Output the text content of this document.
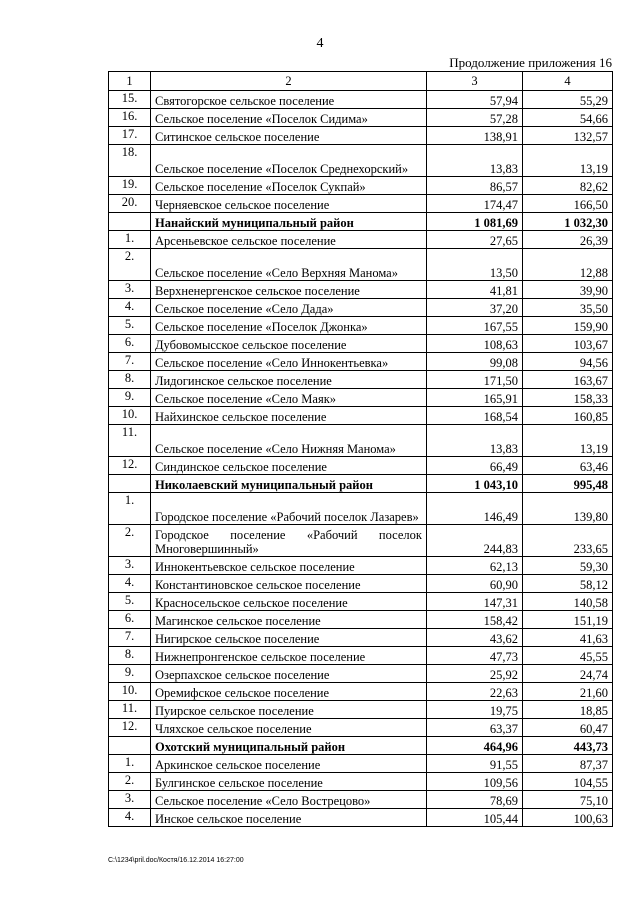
4
Продолжение приложения 16
1	2	3	4
15.	Святогорское сельское поселение	57,94	55,29
16.	Сельское поселение «Поселок Сидима»	57,28	54,66
17.	Ситинское сельское поселение	138,91	132,57
18.	Сельское поселение «Поселок Среднехорский»	13,83	13,19
19.	Сельское поселение «Поселок Сукпай»	86,57	82,62
20.	Черняевское сельское поселение	174,47	166,50
	Нанайский муниципальный район	1 081,69	1 032,30
1.	Арсеньевское сельское поселение	27,65	26,39
2.	Сельское поселение «Село Верхняя Манома»	13,50	12,88
3.	Верхненергенское сельское поселение	41,81	39,90
4.	Сельское поселение «Село Дада»	37,20	35,50
5.	Сельское поселение «Поселок Джонка»	167,55	159,90
6.	Дубовомысское сельское поселение	108,63	103,67
7.	Сельское поселение «Село Иннокентьевка»	99,08	94,56
8.	Лидогинское сельское поселение	171,50	163,67
9.	Сельское поселение «Село Маяк»	165,91	158,33
10.	Найхинское сельское поселение	168,54	160,85
11.	Сельское поселение «Село Нижняя Манома»	13,83	13,19
12.	Синдинское сельское поселение	66,49	63,46
	Николаевский муниципальный район	1 043,10	995,48
1.	Городское поселение «Рабочий поселок Лазарев»	146,49	139,80
2.	Городское поселение «Рабочий поселок Многовершинный»	244,83	233,65
3.	Иннокентьевское сельское поселение	62,13	59,30
4.	Константиновское сельское поселение	60,90	58,12
5.	Красносельское сельское поселение	147,31	140,58
6.	Магинское сельское поселение	158,42	151,19
7.	Нигирское сельское поселение	43,62	41,63
8.	Нижнепронгенское сельское поселение	47,73	45,55
9.	Озерпахское сельское поселение	25,92	24,74
10.	Оремифское сельское поселение	22,63	21,60
11.	Пуирское сельское поселение	19,75	18,85
12.	Чляхское сельское поселение	63,37	60,47
	Охотский муниципальный район	464,96	443,73
1.	Аркинское сельское поселение	91,55	87,37
2.	Булгинское сельское поселение	109,56	104,55
3.	Сельское поселение «Село Вострецово»	78,69	75,10
4.	Инское сельское поселение	105,44	100,63
C:\1234\pril.doc/Костя/16.12.2014 16:27:00
